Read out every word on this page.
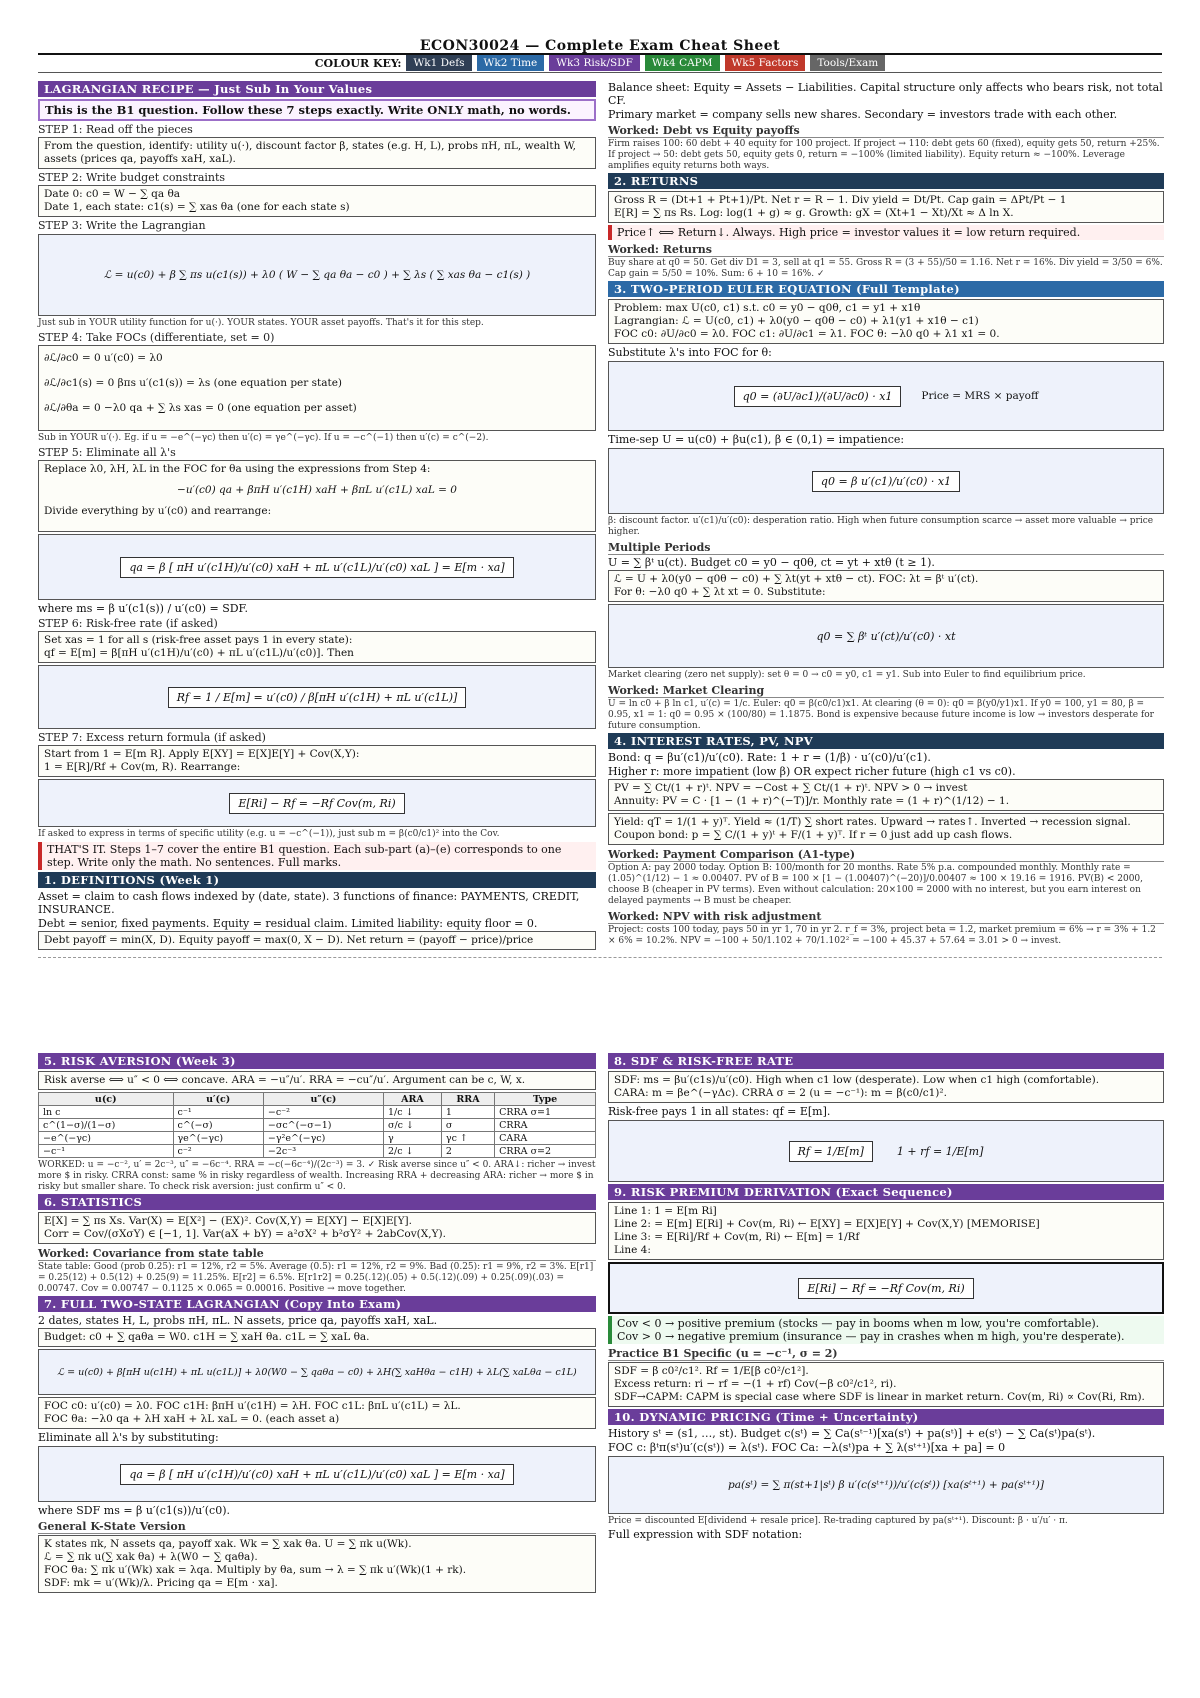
ECON30024 — Complete Exam Cheat Sheet
COLOUR KEY:	Wk1 Defs	Wk2 Time	Wk3 Risk/SDF	Wk4 CAPM	Wk5 Factors	Tools/Exam
LAGRANGIAN RECIPE — Just Sub In Your Values
This is the B1 question. Follow these 7 steps exactly. Write ONLY math, no words.
STEP 1: Read off the pieces
From the question, identify: utility u(·), discount factor β, states (e.g. H, L), probs πH, πL, wealth W, assets (prices qa, payoffs xaH, xaL).
STEP 2: Write budget constraints
Date 0: c0 = W − ∑ qa θa
Date 1, each state: c1(s) = ∑ xas θa (one for each state s)
STEP 3: Write the Lagrangian
ℒ = u(c0) + β ∑ πs u(c1(s)) + λ0 ( W − ∑ qa θa − c0 ) + ∑ λs ( ∑ xas θa − c1(s) )
Just sub in YOUR utility function for u(·). YOUR states. YOUR asset payoffs. That's it for this step.
STEP 4: Take FOCs (differentiate, set = 0)
∂ℒ/∂c0 = 0 u′(c0) = λ0
∂ℒ/∂c1(s) = 0 βπs u′(c1(s)) = λs (one equation per state)
∂ℒ/∂θa = 0 −λ0 qa + ∑ λs xas = 0 (one equation per asset)
Sub in YOUR u′(·). Eg. if u = −e^(−γc) then u′(c) = γe^(−γc). If u = −c^(−1) then u′(c) = c^(−2).
STEP 5: Eliminate all λ's
Replace λ0, λH, λL in the FOC for θa using the expressions from Step 4:
−u′(c0) qa + βπH u′(c1H) xaH + βπL u′(c1L) xaL = 0
Divide everything by u′(c0) and rearrange:
qa = β [ πH u′(c1H)/u′(c0) xaH + πL u′(c1L)/u′(c0) xaL ] = E[m · xa]
where ms = β u′(c1(s)) / u′(c0) = SDF.
STEP 6: Risk-free rate (if asked)
Set xas = 1 for all s (risk-free asset pays 1 in every state):
qf = E[m] = β[πH u′(c1H)/u′(c0) + πL u′(c1L)/u′(c0)]. Then
Rf = 1 / E[m] = u′(c0) / β[πH u′(c1H) + πL u′(c1L)]
STEP 7: Excess return formula (if asked)
Start from 1 = E[m R]. Apply E[XY] = E[X]E[Y] + Cov(X,Y):
1 = E[R]/Rf + Cov(m, R). Rearrange:
E[Ri] − Rf = −Rf Cov(m, Ri)
If asked to express in terms of specific utility (e.g. u = −c^(−1)), just sub m = β(c0/c1)² into the Cov.
THAT'S IT. Steps 1–7 cover the entire B1 question. Each sub-part (a)–(e) corresponds to one step. Write only the math. No sentences. Full marks.
1. DEFINITIONS (Week 1)
Asset = claim to cash flows indexed by (date, state). 3 functions of finance: PAYMENTS, CREDIT, INSURANCE.
Debt = senior, fixed payments. Equity = residual claim. Limited liability: equity floor = 0.
Debt payoff = min(X, D). Equity payoff = max(0, X − D). Net return = (payoff − price)/price
Balance sheet: Equity = Assets − Liabilities. Capital structure only affects who bears risk, not total CF.
Primary market = company sells new shares. Secondary = investors trade with each other.
Worked: Debt vs Equity payoffs
Firm raises 100: 60 debt + 40 equity for 100 project. If project → 110: debt gets 60 (fixed), equity gets 50, return +25%. If project → 50: debt gets 50, equity gets 0, return = −100% (limited liability). Equity return ≈ −100%. Leverage amplifies equity returns both ways.
2. RETURNS
Gross R = (Dt+1 + Pt+1)/Pt. Net r = R − 1. Div yield = Dt/Pt. Cap gain = ΔPt/Pt − 1
E[R] = ∑ πs Rs. Log: log(1 + g) ≈ g. Growth: gX = (Xt+1 − Xt)/Xt ≈ Δ ln X.
Price↑ ⟺ Return↓. Always. High price = investor values it = low return required.
Worked: Returns
Buy share at q0 = 50. Get div D1 = 3, sell at q1 = 55. Gross R = (3 + 55)/50 = 1.16. Net r = 16%. Div yield = 3/50 = 6%. Cap gain = 5/50 = 10%. Sum: 6 + 10 = 16%. ✓
3. TWO-PERIOD EULER EQUATION (Full Template)
Problem: max U(c0, c1) s.t. c0 = y0 − q0θ, c1 = y1 + x1θ
Lagrangian: ℒ = U(c0, c1) + λ0(y0 − q0θ − c0) + λ1(y1 + x1θ − c1)
FOC c0: ∂U/∂c0 = λ0. FOC c1: ∂U/∂c1 = λ1. FOC θ: −λ0 q0 + λ1 x1 = 0.
Substitute λ's into FOC for θ:
q0 = (∂U/∂c1)/(∂U/∂c0) · x1	Price = MRS × payoff
Time-sep U = u(c0) + βu(c1), β ∈ (0,1) = impatience:
q0 = β u′(c1)/u′(c0) · x1
β: discount factor. u′(c1)/u′(c0): desperation ratio. High when future consumption scarce → asset more valuable → price higher.
Multiple Periods
U = ∑ βᵗ u(ct). Budget c0 = y0 − q0θ, ct = yt + xtθ (t ≥ 1).
ℒ = U + λ0(y0 − q0θ − c0) + ∑ λt(yt + xtθ − ct). FOC: λt = βᵗ u′(ct).
For θ: −λ0 q0 + ∑ λt xt = 0. Substitute:
q0 = ∑ βᵗ u′(ct)/u′(c0) · xt
Market clearing (zero net supply): set θ = 0 → c0 = y0, c1 = y1. Sub into Euler to find equilibrium price.
Worked: Market Clearing
U = ln c0 + β ln c1, u′(c) = 1/c. Euler: q0 = β(c0/c1)x1. At clearing (θ = 0): q0 = β(y0/y1)x1. If y0 = 100, y1 = 80, β = 0.95, x1 = 1: q0 = 0.95 × (100/80) = 1.1875. Bond is expensive because future income is low → investors desperate for future consumption.
4. INTEREST RATES, PV, NPV
Bond: q = βu′(c1)/u′(c0). Rate: 1 + r = (1/β) · u′(c0)/u′(c1).
Higher r: more impatient (low β) OR expect richer future (high c1 vs c0).
PV = ∑ Ct/(1 + r)ᵗ. NPV = −Cost + ∑ Ct/(1 + r)ᵗ. NPV > 0 → invest
Annuity: PV = C · [1 − (1 + r)^(−T)]/r. Monthly rate = (1 + r)^(1/12) − 1.
Yield: qT = 1/(1 + y)ᵀ. Yield ≈ (1/T) ∑ short rates. Upward → rates↑. Inverted → recession signal.
Coupon bond: p = ∑ C/(1 + y)ᵗ + F/(1 + y)ᵀ. If r = 0 just add up cash flows.
Worked: Payment Comparison (A1-type)
Option A: pay 2000 today. Option B: 100/month for 20 months. Rate 5% p.a. compounded monthly. Monthly rate = (1.05)^(1/12) − 1 ≈ 0.00407. PV of B = 100 × [1 − (1.00407)^(−20)]/0.00407 ≈ 100 × 19.16 = 1916. PV(B) < 2000, choose B (cheaper in PV terms). Even without calculation: 20×100 = 2000 with no interest, but you earn interest on delayed payments → B must be cheaper.
Worked: NPV with risk adjustment
Project: costs 100 today, pays 50 in yr 1, 70 in yr 2. r_f = 3%, project beta = 1.2, market premium = 6% → r = 3% + 1.2 × 6% = 10.2%. NPV = −100 + 50/1.102 + 70/1.102² = −100 + 45.37 + 57.64 = 3.01 > 0 → invest.
5. RISK AVERSION (Week 3)
Risk averse ⟺ u″ < 0 ⟺ concave. ARA = −u″/u′. RRA = −cu″/u′. Argument can be c, W, x.
u(c)	u′(c)	u″(c)	ARA	RRA	Type
ln c	c⁻¹	−c⁻²	1/c ↓	1	CRRA σ=1
c^(1−σ)/(1−σ)	c^(−σ)	−σc^(−σ−1)	σ/c ↓	σ	CRRA
−e^(−γc)	γe^(−γc)	−γ²e^(−γc)	γ	γc ↑	CARA
−c⁻¹	c⁻²	−2c⁻³	2/c ↓	2	CRRA σ=2
WORKED: u = −c⁻², u′ = 2c⁻³, u″ = −6c⁻⁴. RRA = −c(−6c⁻⁴)/(2c⁻³) = 3. ✓ Risk averse since u″ < 0. ARA↓: richer → invest more $ in risky. CRRA const: same % in risky regardless of wealth. Increasing RRA + decreasing ARA: richer → more $ in risky but smaller share. To check risk aversion: just confirm u″ < 0.
6. STATISTICS
E[X] = ∑ πs Xs. Var(X) = E[X²] − (EX)². Cov(X,Y) = E[XY] − E[X]E[Y].
Corr = Cov/(σXσY) ∈ [−1, 1]. Var(aX + bY) = a²σX² + b²σY² + 2abCov(X,Y).
Worked: Covariance from state table
State table: Good (prob 0.25): r1 = 12%, r2 = 5%. Average (0.5): r1 = 12%, r2 = 9%. Bad (0.25): r1 = 9%, r2 = 3%. E[r1] = 0.25(12) + 0.5(12) + 0.25(9) = 11.25%. E[r2] = 6.5%. E[r1r2] = 0.25(.12)(.05) + 0.5(.12)(.09) + 0.25(.09)(.03) = 0.00747. Cov = 0.00747 − 0.1125 × 0.065 = 0.00016. Positive → move together.
7. FULL TWO-STATE LAGRANGIAN (Copy Into Exam)
2 dates, states H, L, probs πH, πL. N assets, price qa, payoffs xaH, xaL.
Budget: c0 + ∑ qaθa = W0. c1H = ∑ xaH θa. c1L = ∑ xaL θa.
ℒ = u(c0) + β[πH u(c1H) + πL u(c1L)] + λ0(W0 − ∑ qaθa − c0) + λH(∑ xaHθa − c1H) + λL(∑ xaLθa − c1L)
FOC c0: u′(c0) = λ0. FOC c1H: βπH u′(c1H) = λH. FOC c1L: βπL u′(c1L) = λL.
FOC θa: −λ0 qa + λH xaH + λL xaL = 0. (each asset a)
Eliminate all λ's by substituting:
qa = β [ πH u′(c1H)/u′(c0) xaH + πL u′(c1L)/u′(c0) xaL ] = E[m · xa]
where SDF ms = β u′(c1(s))/u′(c0).
General K-State Version
K states πk, N assets qa, payoff xak. Wk = ∑ xak θa. U = ∑ πk u(Wk).
ℒ = ∑ πk u(∑ xak θa) + λ(W0 − ∑ qaθa).
FOC θa: ∑ πk u′(Wk) xak = λqa. Multiply by θa, sum → λ = ∑ πk u′(Wk)(1 + rk).
SDF: mk = u′(Wk)/λ. Pricing qa = E[m · xa].
8. SDF & RISK-FREE RATE
SDF: ms = βu′(c1s)/u′(c0). High when c1 low (desperate). Low when c1 high (comfortable).
CARA: m = βe^(−γΔc). CRRA σ = 2 (u = −c⁻¹): m = β(c0/c1)².
Risk-free pays 1 in all states: qf = E[m].
Rf = 1/E[m]	1 + rf = 1/E[m]
9. RISK PREMIUM DERIVATION (Exact Sequence)
Line 1: 1 = E[m Ri]
Line 2: = E[m] E[Ri] + Cov(m, Ri) ← E[XY] = E[X]E[Y] + Cov(X,Y) [MEMORISE]
Line 3: = E[Ri]/Rf + Cov(m, Ri) ← E[m] = 1/Rf
Line 4:
E[Ri] − Rf = −Rf Cov(m, Ri)
Cov < 0 → positive premium (stocks — pay in booms when m low, you're comfortable).
Cov > 0 → negative premium (insurance — pay in crashes when m high, you're desperate).
Practice B1 Specific (u = −c⁻¹, σ = 2)
SDF = β c0²/c1². Rf = 1/E[β c0²/c1²].
Excess return: ri − rf = −(1 + rf) Cov(−β c0²/c1², ri).
SDF→CAPM: CAPM is special case where SDF is linear in market return. Cov(m, Ri) ∝ Cov(Ri, Rm).
10. DYNAMIC PRICING (Time + Uncertainty)
History sᵗ = (s1, …, st). Budget c(sᵗ) = ∑ Ca(sᵗ⁻¹)[xa(sᵗ) + pa(sᵗ)] + e(sᵗ) − ∑ Ca(sᵗ)pa(sᵗ).
FOC c: βᵗπ(sᵗ)u′(c(sᵗ)) = λ(sᵗ). FOC Ca: −λ(sᵗ)pa + ∑ λ(sᵗ⁺¹)[xa + pa] = 0
pa(sᵗ) = ∑ π(st+1|sᵗ) β u′(c(sᵗ⁺¹))/u′(c(sᵗ)) [xa(sᵗ⁺¹) + pa(sᵗ⁺¹)]
Price = discounted E[dividend + resale price]. Re-trading captured by pa(sᵗ⁺¹). Discount: β · u′/u′ · π.
Full expression with SDF notation:
